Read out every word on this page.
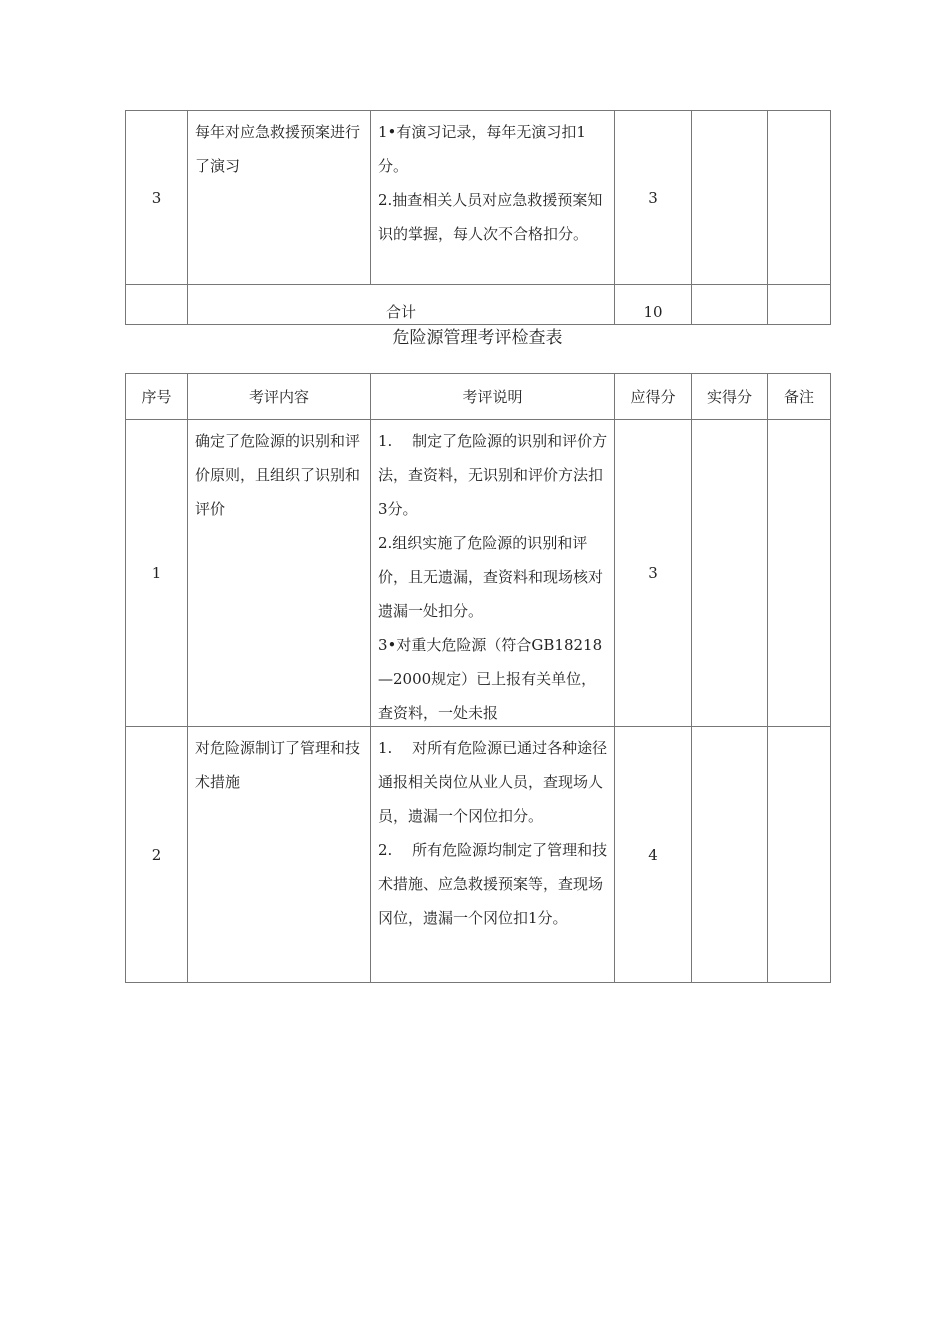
3	每年对应急救援预案进行了演习	1•有演习记录，每年无演习扣1分。

2.抽查相关人员对应急救援预案知识的掌握，每人次不合格扣分。	3		

	合计		10		

危险源管理考评检查表
序号	考评内容	考评说明	应得分	实得分	备注
1	确定了危险源的识别和评价原则，且组织了识别和评价	1.　 制定了危险源的识别和评价方法，查资料，无识别和评价方法扣3分。

2.组织实施了危险源的识别和评价，且无遗漏，查资料和现场核对遗漏一处扣分。

3•对重大危险源（符合GB18218—2000规定）已上报有关单位，查资料，一处未报	3		
2	对危险源制订了管理和技术措施	1.　 对所有危险源已通过各种途径通报相关岗位从业人员，查现场人员，遗漏一个冈位扣分。

2.　 所有危险源均制定了管理和技术措施、应急救援预案等，查现场冈位，遗漏一个冈位扣1分。	4		
